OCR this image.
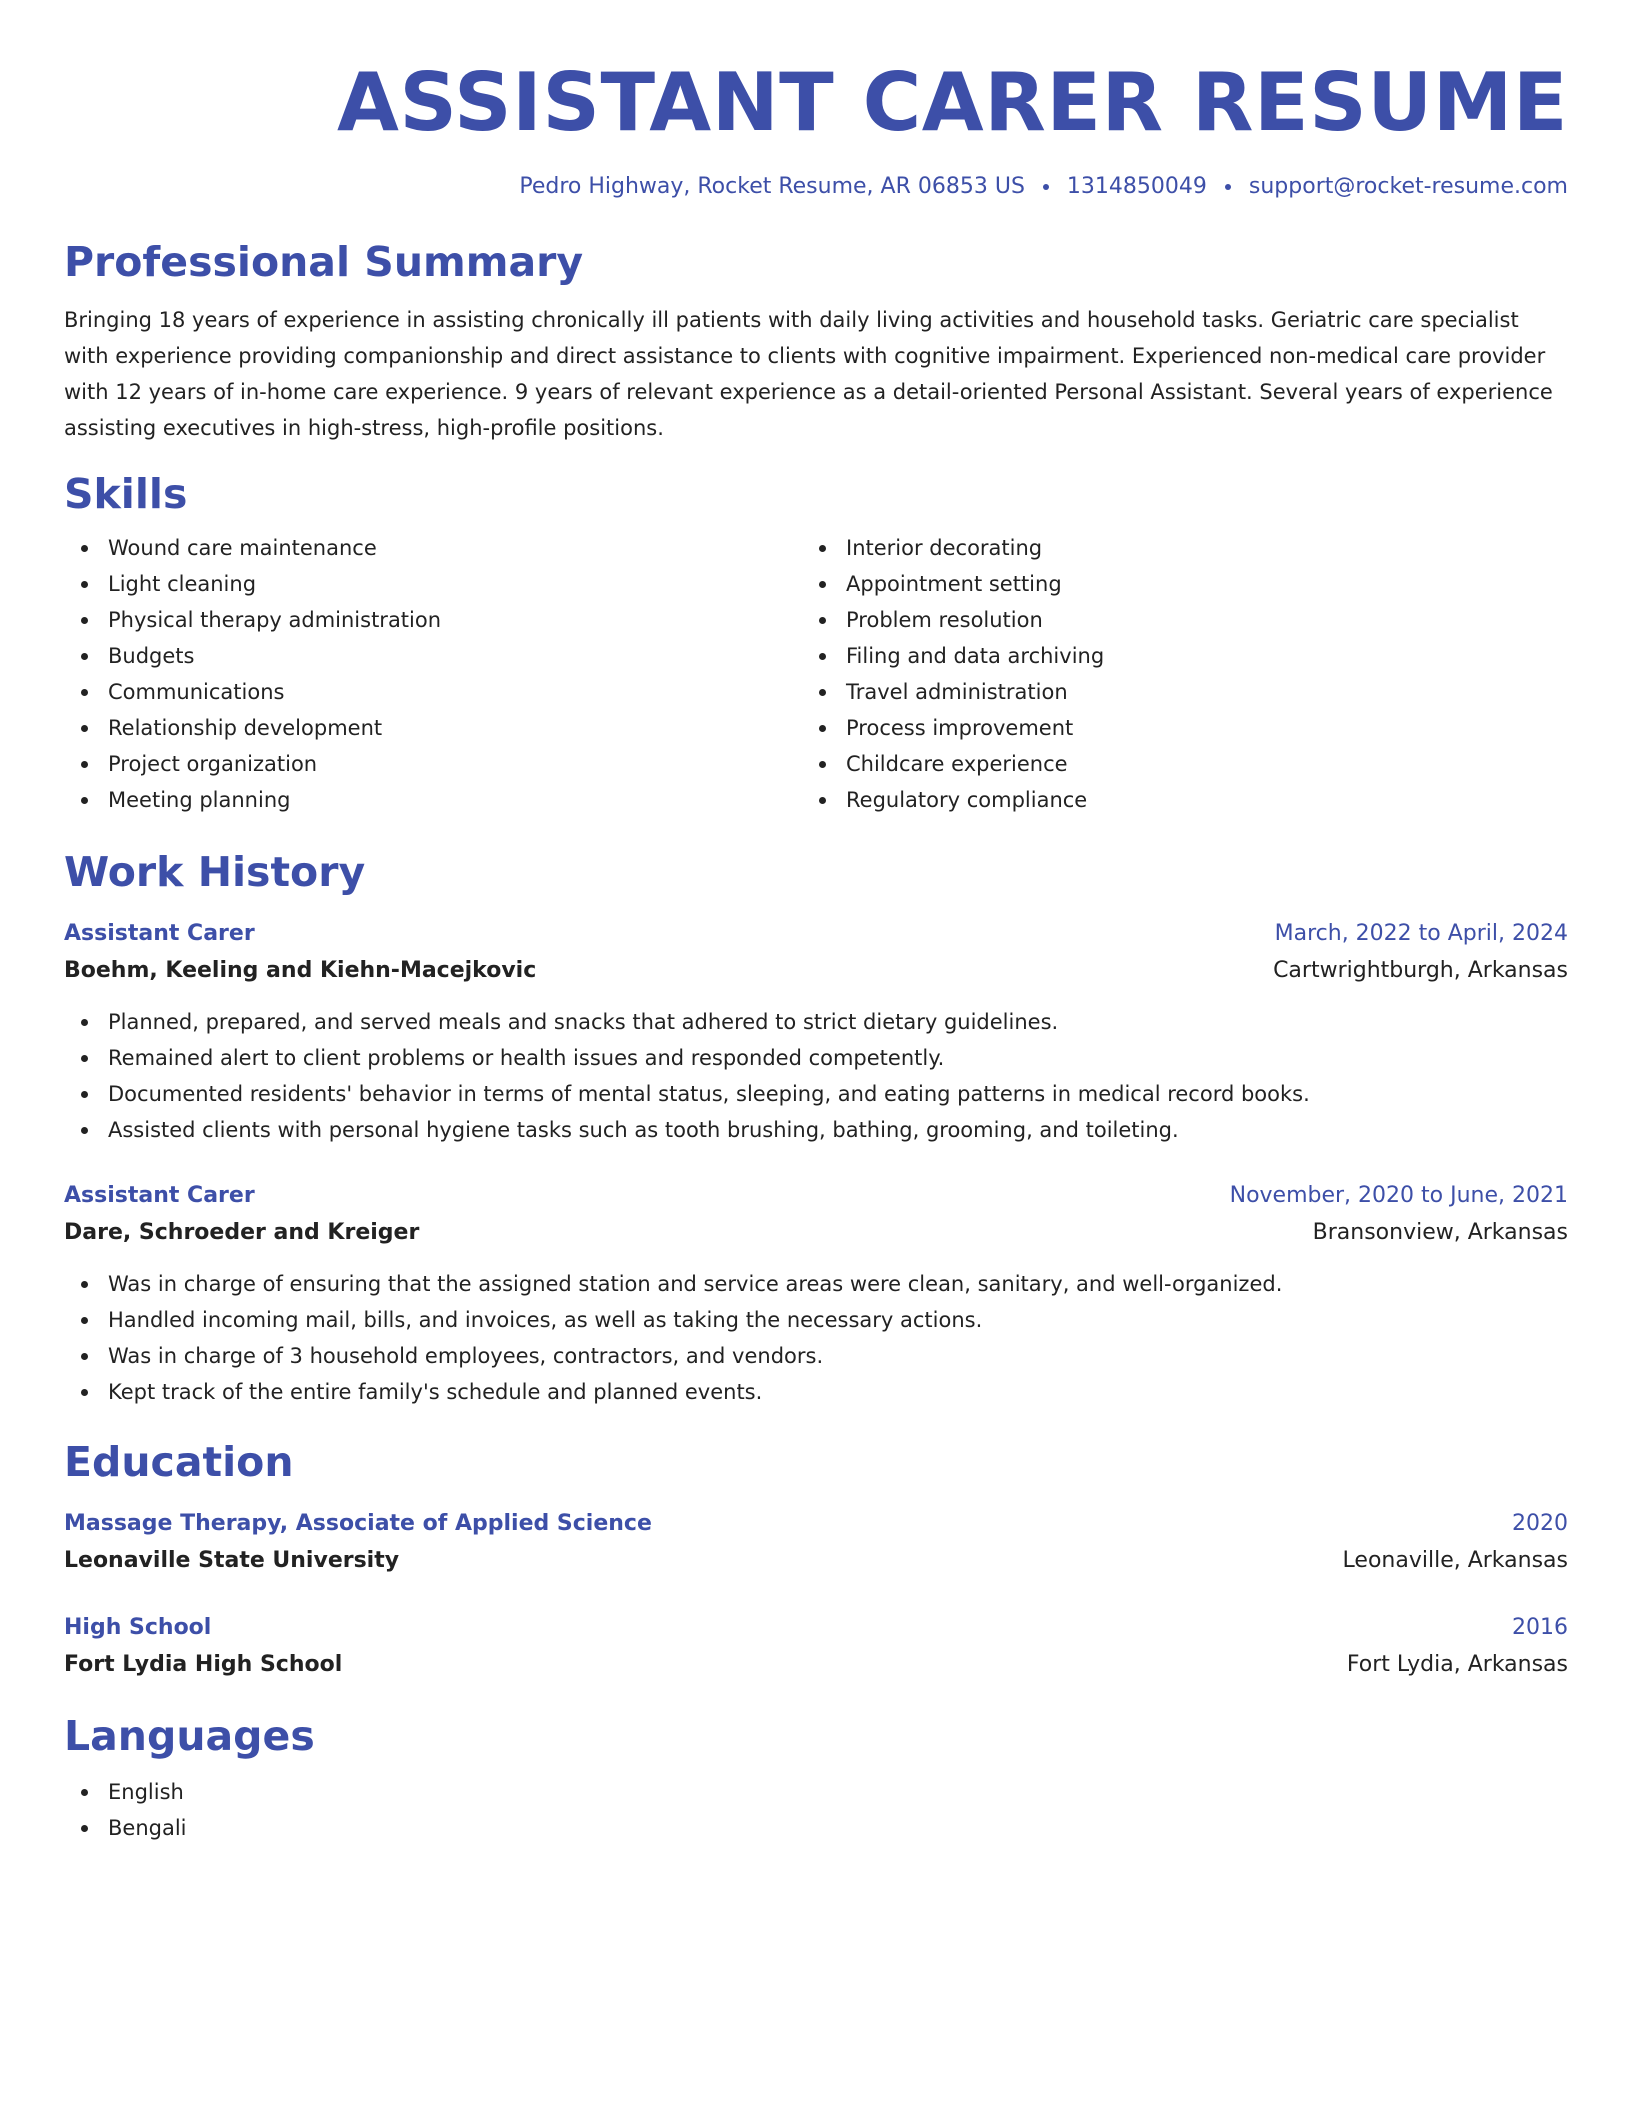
ASSISTANT CARER RESUME
Pedro Highway, Rocket Resume, AR 06853 US 1314850049 support@rocket-resume.com
Professional Summary
Bringing 18 years of experience in assisting chronically ill patients with daily living activities and household tasks. Geriatric care specialist with experience providing companionship and direct assistance to clients with cognitive impairment. Experienced non-medical care provider with 12 years of in-home care experience. 9 years of relevant experience as a detail-oriented Personal Assistant. Several years of experience assisting executives in high-stress, high-profile positions.
Skills
Wound care maintenance
Light cleaning
Physical therapy administration
Budgets
Communications
Relationship development
Project organization
Meeting planning
Interior decorating
Appointment setting
Problem resolution
Filing and data archiving
Travel administration
Process improvement
Childcare experience
Regulatory compliance
Work History
Assistant Carer	March, 2022 to April, 2024
Boehm, Keeling and Kiehn-Macejkovic	Cartwrightburgh, Arkansas
Planned, prepared, and served meals and snacks that adhered to strict dietary guidelines.
Remained alert to client problems or health issues and responded competently.
Documented residents' behavior in terms of mental status, sleeping, and eating patterns in medical record books.
Assisted clients with personal hygiene tasks such as tooth brushing, bathing, grooming, and toileting.
Assistant Carer	November, 2020 to June, 2021
Dare, Schroeder and Kreiger	Bransonview, Arkansas
Was in charge of ensuring that the assigned station and service areas were clean, sanitary, and well-organized.
Handled incoming mail, bills, and invoices, as well as taking the necessary actions.
Was in charge of 3 household employees, contractors, and vendors.
Kept track of the entire family's schedule and planned events.
Education
Massage Therapy, Associate of Applied Science	2020
Leonaville State University	Leonaville, Arkansas
High School	2016
Fort Lydia High School	Fort Lydia, Arkansas
Languages
English
Bengali
